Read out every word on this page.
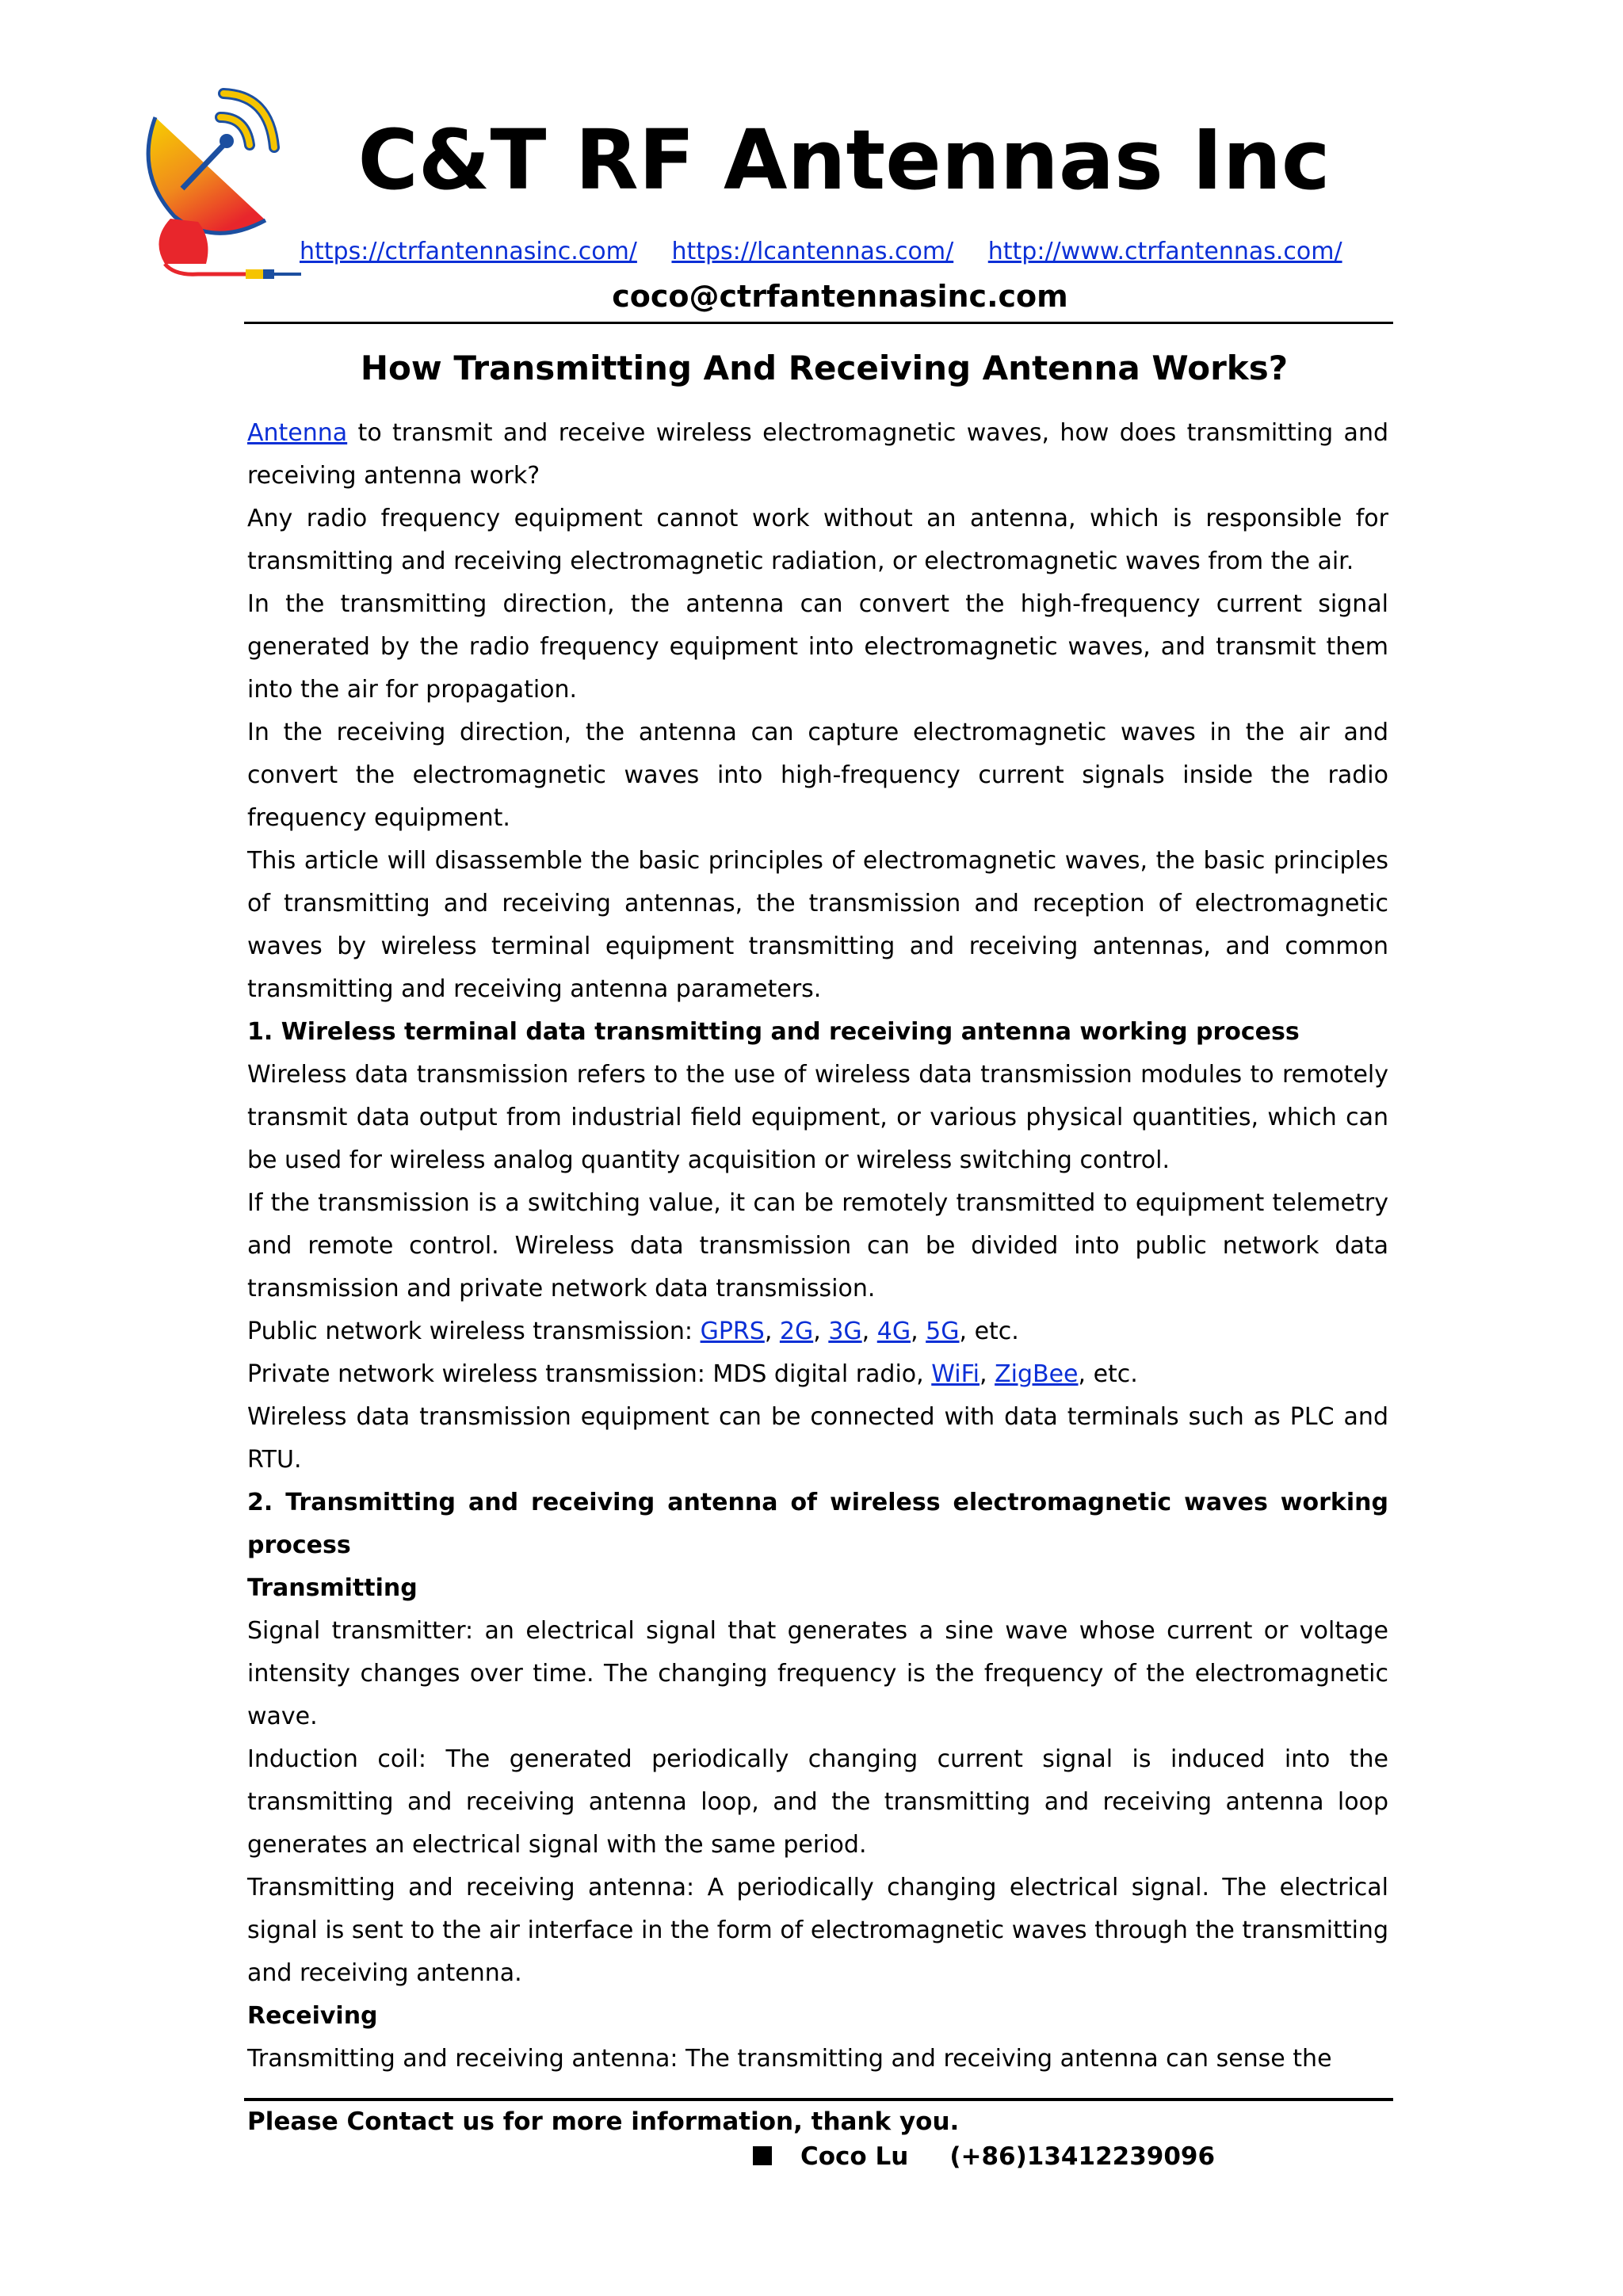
C&T RF Antennas Inc
https://ctrfantennasinc.com/ https://lcantennas.com/ http://www.ctrfantennas.com/
coco@ctrfantennasinc.com
How Transmitting And Receiving Antenna Works?

Antenna to transmit and receive wireless electromagnetic waves, how does transmitting and receiving antenna work?

Any radio frequency equipment cannot work without an antenna, which is responsible for transmitting and receiving electromagnetic radiation, or electromagnetic waves from the air.

In the transmitting direction, the antenna can convert the high-frequency current signal generated by the radio frequency equipment into electromagnetic waves, and transmit them into the air for propagation.

In the receiving direction, the antenna can capture electromagnetic waves in the air and convert the electromagnetic waves into high-frequency current signals inside the radio frequency equipment.

This article will disassemble the basic principles of electromagnetic waves, the basic principles of transmitting and receiving antennas, the transmission and reception of electromagnetic waves by wireless terminal equipment transmitting and receiving antennas, and common transmitting and receiving antenna parameters.

1. Wireless terminal data transmitting and receiving antenna working process

Wireless data transmission refers to the use of wireless data transmission modules to remotely transmit data output from industrial field equipment, or various physical quantities, which can be used for wireless analog quantity acquisition or wireless switching control.

If the transmission is a switching value, it can be remotely transmitted to equipment telemetry and remote control. Wireless data transmission can be divided into public network data transmission and private network data transmission.

Public network wireless transmission: GPRS, 2G, 3G, 4G, 5G, etc.

Private network wireless transmission: MDS digital radio, WiFi, ZigBee, etc.

Wireless data transmission equipment can be connected with data terminals such as PLC and RTU.

2. Transmitting and receiving antenna of wireless electromagnetic waves working process

Transmitting

Signal transmitter: an electrical signal that generates a sine wave whose current or voltage intensity changes over time. The changing frequency is the frequency of the electromagnetic wave.

Induction coil: The generated periodically changing current signal is induced into the transmitting and receiving antenna loop, and the transmitting and receiving antenna loop generates an electrical signal with the same period.

Transmitting and receiving antenna: A periodically changing electrical signal. The electrical signal is sent to the air interface in the form of electromagnetic waves through the transmitting and receiving antenna.

Receiving

Transmitting and receiving antenna: The transmitting and receiving antenna can sense the

Please Contact us for more information, thank you.
Coco Lu (+86)13412239096
